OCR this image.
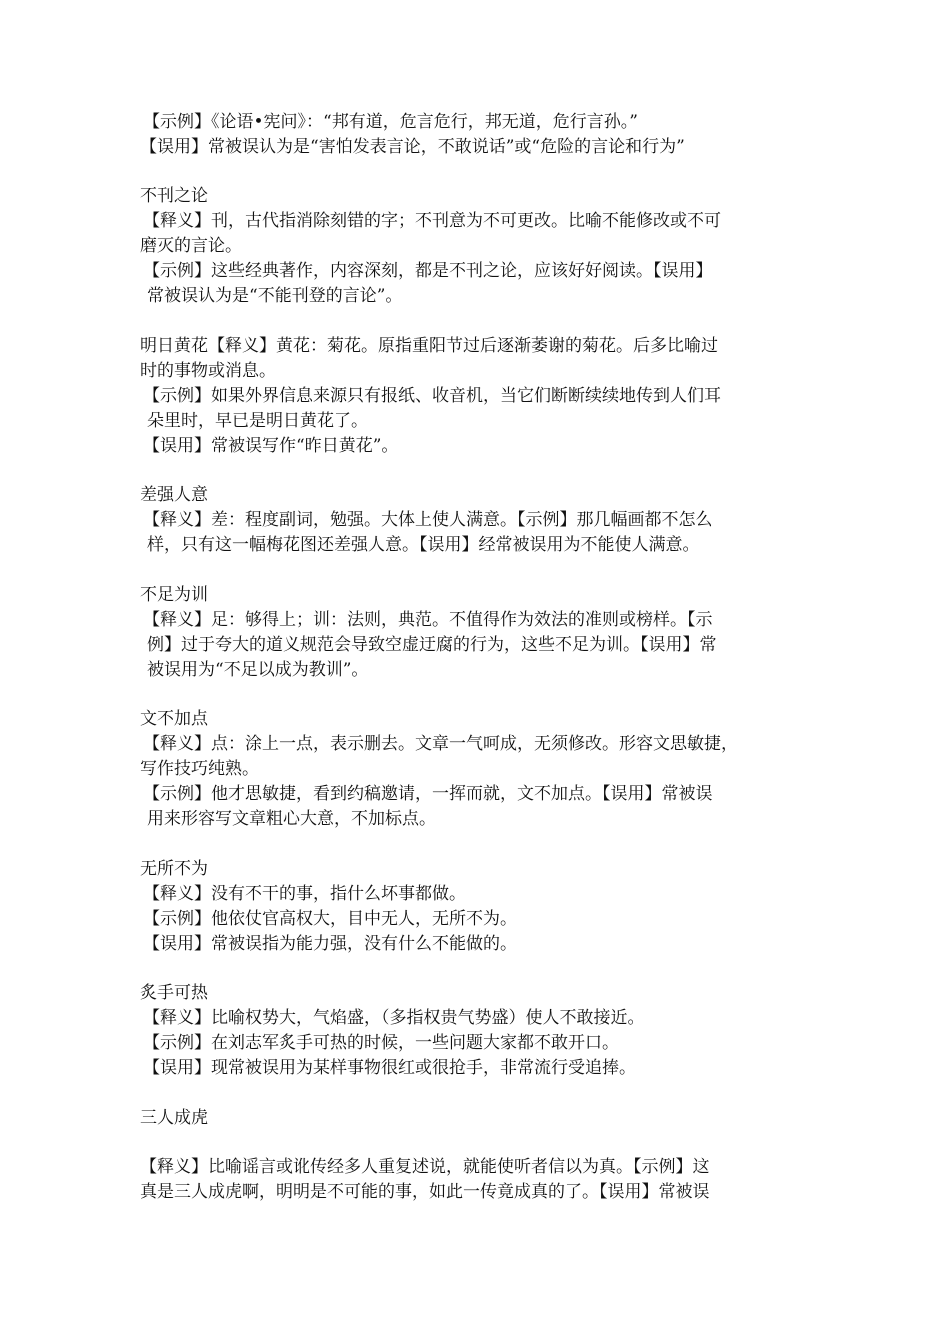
【示例】《论语•宪问》：“邦有道，危言危行，邦无道，危行言孙。”
【误用】常被误认为是“害怕发表言论，不敢说话”或“危险的言论和行为”
不刊之论
【释义】刊，古代指消除刻错的字；不刊意为不可更改。比喻不能修改或不可
磨灭的言论。
【示例】这些经典著作，内容深刻，都是不刊之论，应该好好阅读。【误用】
常被误认为是“不能刊登的言论”。
明日黄花【释义】黄花：菊花。原指重阳节过后逐渐萎谢的菊花。后多比喻过
时的事物或消息。
【示例】如果外界信息来源只有报纸、收音机，当它们断断续续地传到人们耳
朵里时，早已是明日黄花了。
【误用】常被误写作“昨日黄花”。
差强人意
【释义】差：程度副词，勉强。大体上使人满意。【示例】那几幅画都不怎么
样，只有这一幅梅花图还差强人意。【误用】经常被误用为不能使人满意。
不足为训
【释义】足：够得上；训：法则，典范。不值得作为效法的准则或榜样。【示
例】过于夸大的道义规范会导致空虚迂腐的行为，这些不足为训。【误用】常
被误用为“不足以成为教训”。
文不加点
【释义】点：涂上一点，表示删去。文章一气呵成，无须修改。形容文思敏捷，
写作技巧纯熟。
【示例】他才思敏捷，看到约稿邀请，一挥而就，文不加点。【误用】常被误
用来形容写文章粗心大意，不加标点。
无所不为
【释义】没有不干的事，指什么坏事都做。
【示例】他依仗官高权大，目中无人，无所不为。
【误用】常被误指为能力强，没有什么不能做的。
炙手可热
【释义】比喻权势大，气焰盛，（多指权贵气势盛）使人不敢接近。
【示例】在刘志军炙手可热的时候，一些问题大家都不敢开口。
【误用】现常被误用为某样事物很红或很抢手，非常流行受追捧。
三人成虎
【释义】比喻谣言或讹传经多人重复述说，就能使听者信以为真。【示例】这
真是三人成虎啊，明明是不可能的事，如此一传竟成真的了。【误用】常被误
